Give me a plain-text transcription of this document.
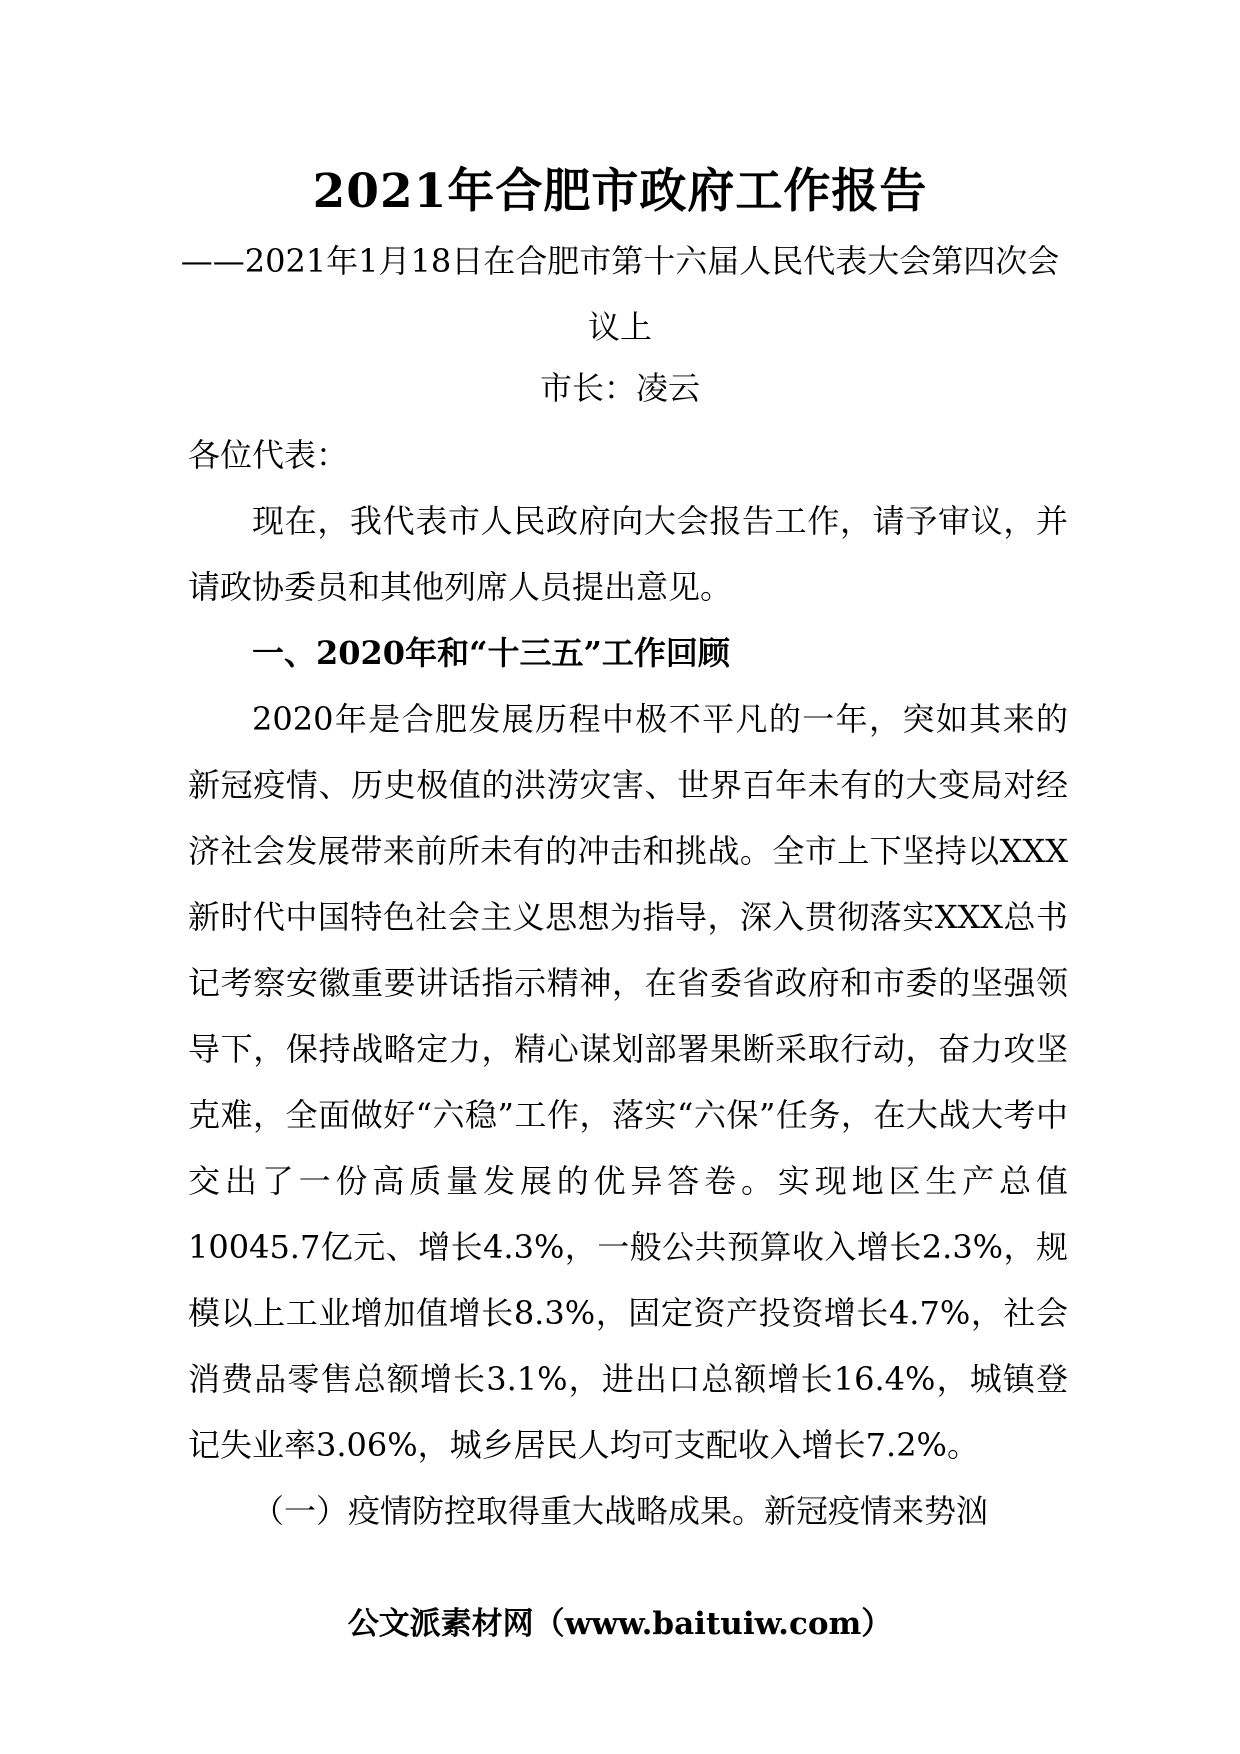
2021年合肥市政府工作报告
——2021年1月18日在合肥市第十六届人民代表大会第四次会议上
市长：凌云

各位代表：

现在，我代表市人民政府向大会报告工作，请予审议，并请政协委员和其他列席人员提出意见。

一、2020年和“十三五”工作回顾

2020年是合肥发展历程中极不平凡的一年，突如其来的新冠疫情、历史极值的洪涝灾害、世界百年未有的大变局对经济社会发展带来前所未有的冲击和挑战。全市上下坚持以XXX新时代中国特色社会主义思想为指导，深入贯彻落实XXX总书记考察安徽重要讲话指示精神，在省委省政府和市委的坚强领导下，保持战略定力，精心谋划部署果断采取行动，奋力攻坚克难，全面做好“六稳”工作，落实“六保”任务，在大战大考中交出了一份高质量发展的优异答卷。实现地区生产总值10045.7亿元、增长4.3%，一般公共预算收入增长2.3%，规模以上工业增加值增长8.3%，固定资产投资增长4.7%，社会消费品零售总额增长3.1%，进出口总额增长16.4%，城镇登记失业率3.06%，城乡居民人均可支配收入增长7.2%。

（一）疫情防控取得重大战略成果。新冠疫情来势汹

公文派素材网（www.baituiw.com）
